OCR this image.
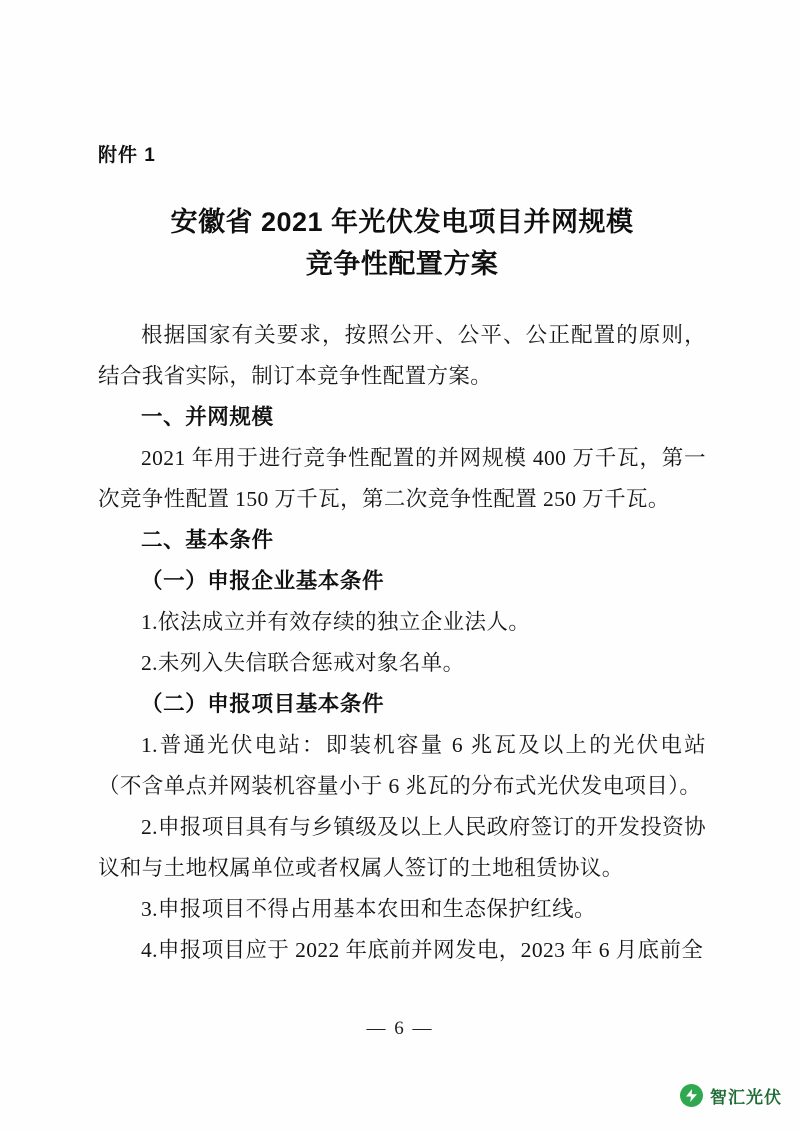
附件 1
安徽省 2021 年光伏发电项目并网规模
竞争性配置方案

根据国家有关要求，按照公开、公平、公正配置的原则，结合我省实际，制订本竞争性配置方案。

一、并网规模

2021 年用于进行竞争性配置的并网规模 400 万千瓦，第一次竞争性配置 150 万千瓦，第二次竞争性配置 250 万千瓦。

二、基本条件

（一）申报企业基本条件

1.依法成立并有效存续的独立企业法人。

2.未列入失信联合惩戒对象名单。

（二）申报项目基本条件

1.普通光伏电站：即装机容量 6 兆瓦及以上的光伏电站（不含单点并网装机容量小于 6 兆瓦的分布式光伏发电项目）。

2.申报项目具有与乡镇级及以上人民政府签订的开发投资协议和与土地权属单位或者权属人签订的土地租赁协议。

3.申报项目不得占用基本农田和生态保护红线。

4.申报项目应于 2022 年底前并网发电，2023 年 6 月底前全

— 6 —
智汇光伏
